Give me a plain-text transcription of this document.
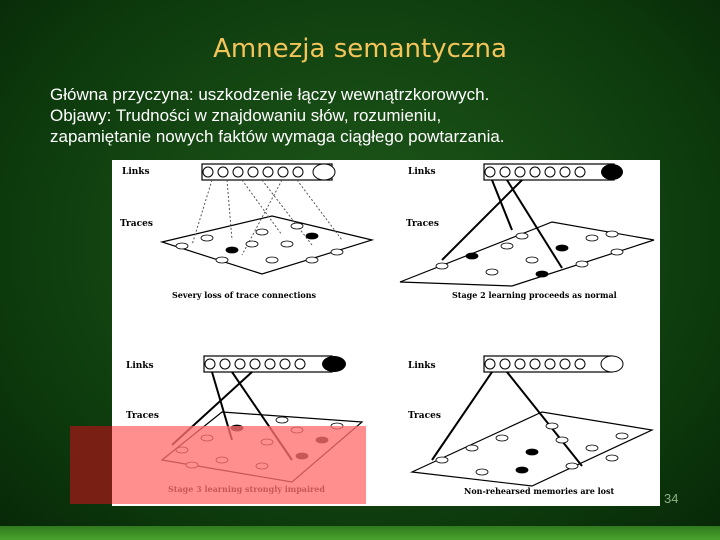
Amnezja semantyczna
Główna przyczyna: uszkodzenie łączy wewnątrzkorowych.
Objawy: Trudności w znajdowaniu słów, rozumieniu,
zapamiętanie nowych faktów wymaga ciągłego powtarzania.
Links
Traces
Severy loss of trace connections
Links
Traces
Stage 2 learning proceeds as normal
Links
Traces
Links
Traces
Non-rehearsed memories are lost	34
